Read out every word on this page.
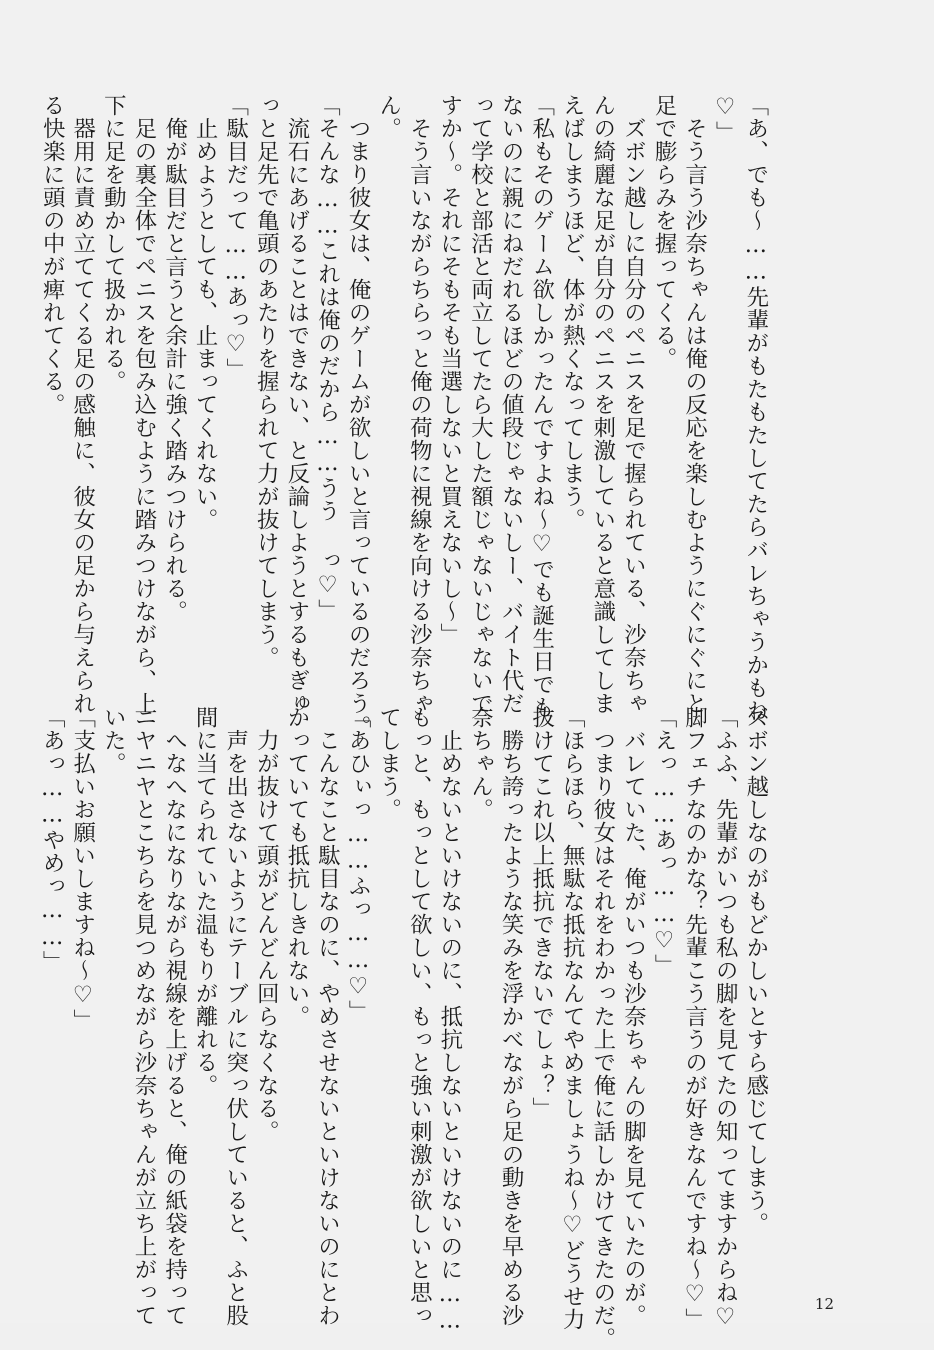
「あ、でも〜……先輩がもたもたしてたらバレちゃうかもね
♡」
　そう言う沙奈ちゃんは俺の反応を楽しむようにぐにぐにと
足で膨らみを握ってくる。
　ズボン越しに自分のペニスを足で握られている、沙奈ちゃ
んの綺麗な足が自分のペニスを刺激していると意識してしま
えばしまうほど、体が熱くなってしまう。
「私もそのゲーム欲しかったんですよね〜♡でも誕生日でも
ないのに親にねだれるほどの値段じゃないしー、バイト代だ
って学校と部活と両立してたら大した額じゃないじゃないで
すか〜。それにそもそも当選しないと買えないし〜」
　そう言いながらちらっと俺の荷物に視線を向ける沙奈ちゃ
ん。
　つまり彼女は、俺のゲームが欲しいと言っているのだろう。
「そんな……これは俺のだから……うう っ♡」
　流石にあげることはできない、と反論しようとするもぎゅ
っと足先で亀頭のあたりを握られて力が抜けてしまう。
「駄目だって……あっ♡」
　止めようとしても、止まってくれない。
　俺が駄目だと言うと余計に強く踏みつけられる。
　足の裏全体でペニスを包み込むように踏みつけながら、上
下に足を動かして扱かれる。
　器用に責め立ててくる足の感触に、彼女の足から与えられ
る快楽に頭の中が痺れてくる。

ズボン越しなのがもどかしいとすら感じてしまう。
「ふふ、先輩がいつも私の脚を見てたの知ってますからね♡
脚フェチなのかな？先輩こう言うのが好きなんですね〜♡」
「えっ……あっ……♡」
　バレていた、俺がいつも沙奈ちゃんの脚を見ていたのが。
　つまり彼女はそれをわかった上で俺に話しかけてきたのだ。
「ほらほら、無駄な抵抗なんてやめましょうね〜♡どうせ力
抜けてこれ以上抵抗できないでしょ？」
　勝ち誇ったような笑みを浮かべながら足の動きを早める沙
奈ちゃん。
　止めないといけないのに、抵抗しないといけないのに……
もっと、もっとして欲しい、もっと強い刺激が欲しいと思っ
てしまう。
「あひぃっ……ふっ……♡」
　こんなこと駄目なのに、やめさせないといけないのにとわ
かっていても抵抗しきれない。
　力が抜けて頭がどんどん回らなくなる。
　声を出さないようにテーブルに突っ伏していると、ふと股
間に当てられていた温もりが離れる。
　へなへなになりながら視線を上げると、俺の紙袋を持って
ニヤニヤとこちらを見つめながら沙奈ちゃんが立ち上がって
いた。
「支払いお願いしますね〜♡」
「あっ……やめっ……」
12
